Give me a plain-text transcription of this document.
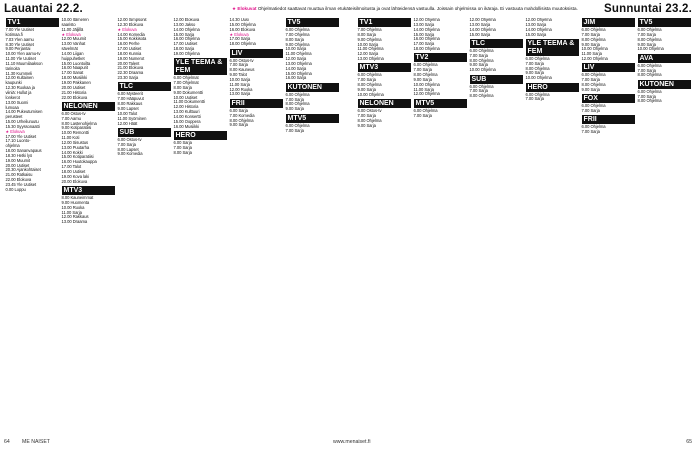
Lauantai 22.2.	★ Elokuvat Ohjelmatiedot saattavat muuttua ilman etukäteisilmoitusta ja ovat lähteidensä vastuulla. Joissain ohjelmissa on ikäraja. Ei vastuuta mahdollisista muutoksista. Sunnuntai 23.2.
TV1
7.00 Yle Uutiset
kotimaa.fi
7.03 Ylen aamu
8.30 Yle Uutiset
9.00 Perjantai
10.00 Ylen aamu-tv
11.00 Yle Uutiset
11.10 Muumilaakson
tarinoita
11.30 Kummeli
12.00 Kultainen
kaupunki
12.30 Ruokaa ja
viiniä: Hullut ja
lonkerot
13.00 Suomi
lumoaa
14.00 Pukeutumisen
perusteet
15.00 Urheiluruutu
15.30 Syyssonaatti
★ Elokuva
17.00 Yle Uutiset
17.10 Luonto-
ohjelma
18.00 Sananvapaus
18.30 Hetki lyö
19.00 Muumit
20.00 Uutiset
20.30 Ajankohtaiset
21.00 Ratkaisu
22.00 Elokuva
23.45 Yle Uutiset
0.00 Loppu
10.00 Itämeren
saaristo
11.00 Jäljillä
★ Elokuva
12.00 Muumit
13.00 Vanhat
sävelmät
14.00 Liigan
huippuhetket
15.00 Luontoilta
16.00 Naapurit
17.00 Sanat
18.00 Musiikki
19.00 Pakkanen
20.00 Uutiset
21.00 Historia
22.00 Elokuva
NELONEN
6.00 Ostos-tv
7.00 Aamu
8.00 Lastenohjelma
9.00 Kotiparatiisi
10.00 Remontti
11.00 Koti
12.00 Sisustus
13.00 Puutarha
14.00 Kokki
15.00 Kotiparatiisi
16.00 Huutokauppa
17.00 Talot
18.00 Uutiset
19.00 Kova laki
20.00 Elokuva
MTV3
8.00 Kauneimmat
9.00 Huomenta
10.00 Ruoka
11.00 Sarja
12.00 Rakkaus
13.00 Draama
12.00 Simpsonit
12.30 Elokuva
★ Elokuva
14.00 Komedia
15.00 Kokkisota
16.00 Perhe
17.00 Uutiset
18.00 Kunnia
19.00 Numerot
20.00 Talent
21.00 Elokuva
22.30 Draama
23.30 Sarja
TLC
6.00 Mysteerit
7.00 Hääpuvut
8.00 Rakkaus
9.00 Lapset
10.00 Talot
11.00 Syöminen
12.00 Häät
SUB
6.00 Ostos-tv
7.00 Sarja
8.00 Lapset
9.00 Komedia
12.00 Elokuva
13.00 Jakso
14.00 Ohjelma
15.00 Sarja
16.00 Ohjelma
17.00 Uutiset
18.00 Sarja
19.00 Ohjelma
YLE TEEMA & FEM
6.00 Ohjelmat
7.00 Ohjelmat
8.00 Sarja
9.00 Dokumentti
10.00 Uutiset
11.00 Dokumentti
12.00 Historia
13.00 Kulttuuri
14.00 Konsertti
15.00 Ooppera
16.00 Musiikki
HERO
6.00 Sarja
7.00 Sarja
8.00 Sarja
14.30 Uusi
15.00 Ohjelma
16.00 Elokuva
★ Elokuva
17.00 Sarja
18.00 Ohjelma
LIV
6.00 Ostos-tv
7.00 Sarja
8.00 Kauneus
9.00 Talot
10.00 Sarja
11.00 Sarja
12.00 Ruoka
13.00 Sarja
FRII
6.00 Sarja
7.00 Komedia
8.00 Ohjelma
9.00 Sarja
TV5
6.00 Ohjelma
7.00 Ohjelma
8.00 Sarja
9.00 Ohjelma
10.00 Sarja
11.00 Ohjelma
12.00 Sarja
13.00 Ohjelma
14.00 Sarja
15.00 Ohjelma
16.00 Sarja
KUTONEN
6.00 Ohjelma
7.00 Sarja
8.00 Ohjelma
9.00 Sarja
MTV5
6.00 Ohjelma
7.00 Sarja
TV1
7.00 Ohjelma
8.00 Sarja
9.00 Ohjelma
10.00 Sarja
11.00 Ohjelma
12.00 Sarja
13.00 Ohjelma
MTV3
6.00 Ohjelma
7.00 Sarja
8.00 Ohjelma
9.00 Sarja
10.00 Ohjelma
NELONEN
6.00 Ostos-tv
7.00 Sarja
8.00 Ohjelma
9.00 Sarja
12.00 Ohjelma
13.00 Sarja
14.00 Ohjelma
15.00 Sarja
16.00 Ohjelma
17.00 Sarja
18.00 Ohjelma
TV2
6.00 Ohjelma
7.00 Sarja
8.00 Ohjelma
9.00 Sarja
10.00 Ohjelma
11.00 Sarja
12.00 Ohjelma
MTV5
6.00 Ohjelma
7.00 Sarja
12.00 Ohjelma
13.00 Sarja
14.00 Ohjelma
15.00 Sarja
TLC
6.00 Ohjelma
7.00 Sarja
8.00 Ohjelma
9.00 Sarja
10.00 Ohjelma
SUB
6.00 Ohjelma
7.00 Sarja
8.00 Ohjelma
12.00 Ohjelma
13.00 Sarja
14.00 Ohjelma
15.00 Sarja
YLE TEEMA & FEM
6.00 Ohjelma
7.00 Sarja
8.00 Ohjelma
9.00 Sarja
10.00 Ohjelma
HERO
6.00 Ohjelma
7.00 Sarja
JIM
6.00 Ohjelma
7.00 Sarja
8.00 Ohjelma
9.00 Sarja
10.00 Ohjelma
11.00 Sarja
12.00 Ohjelma
LIV
6.00 Ohjelma
7.00 Sarja
8.00 Ohjelma
9.00 Sarja
FOX
6.00 Ohjelma
7.00 Sarja
FRII
6.00 Ohjelma
7.00 Sarja
TV5
6.00 Ohjelma
7.00 Sarja
8.00 Ohjelma
9.00 Sarja
10.00 Ohjelma
AVA
6.00 Ohjelma
7.00 Sarja
8.00 Ohjelma
KUTONEN
6.00 Ohjelma
7.00 Sarja
8.00 Ohjelma
64 ME NAISET	www.menaiset.fi	65
